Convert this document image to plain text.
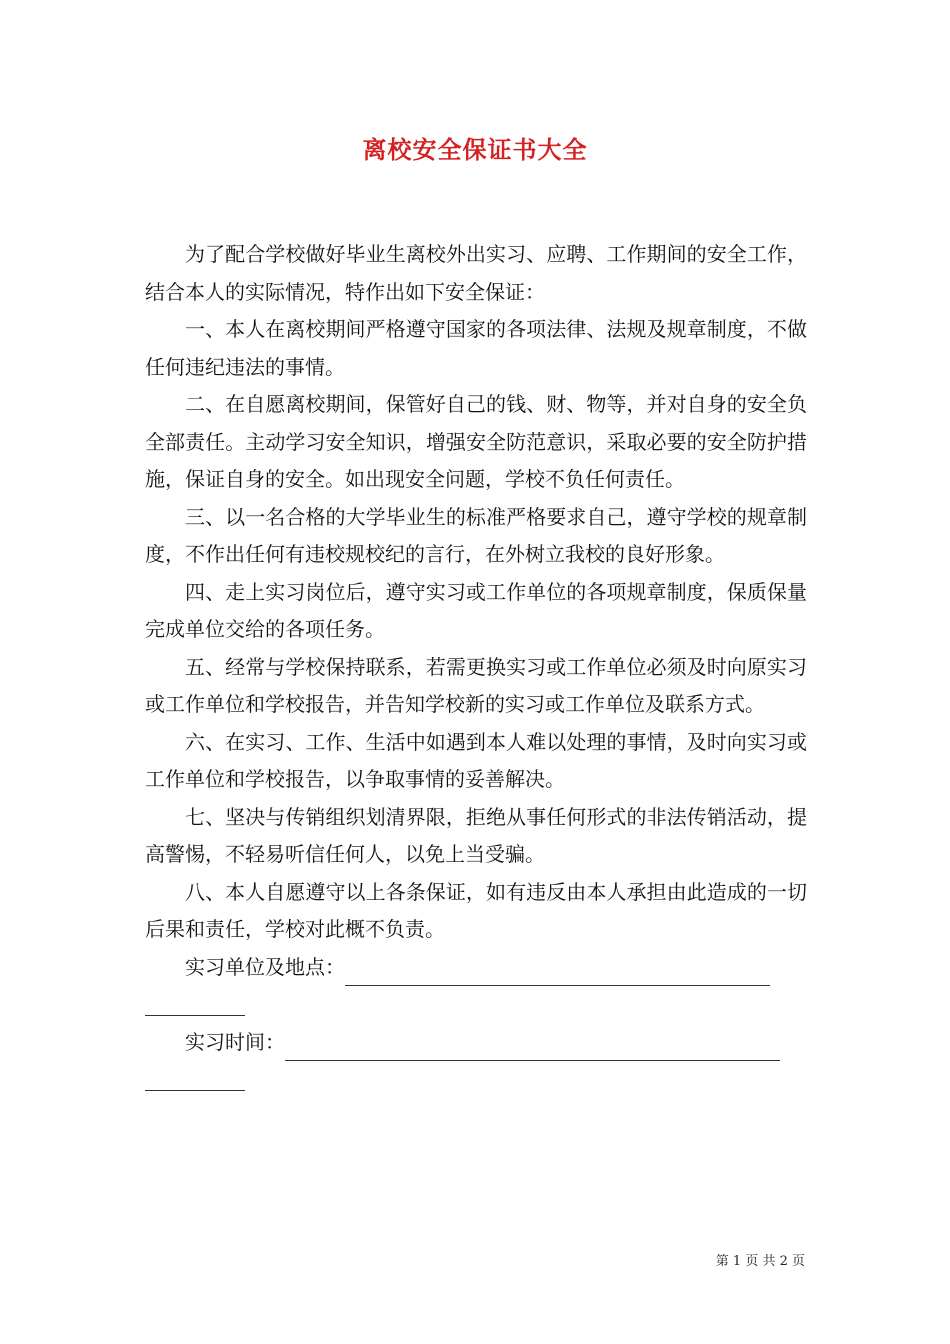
离校安全保证书大全

为了配合学校做好毕业生离校外出实习、应聘、工作期间的安全工作，结合本人的实际情况，特作出如下安全保证：

一、本人在离校期间严格遵守国家的各项法律、法规及规章制度，不做任何违纪违法的事情。

二、在自愿离校期间，保管好自己的钱、财、物等，并对自身的安全负全部责任。主动学习安全知识，增强安全防范意识，采取必要的安全防护措施，保证自身的安全。如出现安全问题，学校不负任何责任。

三、以一名合格的大学毕业生的标准严格要求自己，遵守学校的规章制度，不作出任何有违校规校纪的言行，在外树立我校的良好形象。

四、走上实习岗位后，遵守实习或工作单位的各项规章制度，保质保量完成单位交给的各项任务。

五、经常与学校保持联系，若需更换实习或工作单位必须及时向原实习或工作单位和学校报告，并告知学校新的实习或工作单位及联系方式。

六、在实习、工作、生活中如遇到本人难以处理的事情，及时向实习或工作单位和学校报告，以争取事情的妥善解决。

七、坚决与传销组织划清界限，拒绝从事任何形式的非法传销活动，提高警惕，不轻易听信任何人，以免上当受骗。

八、本人自愿遵守以上各条保证，如有违反由本人承担由此造成的一切后果和责任，学校对此概不负责。

实习单位及地点：

实习时间：

第 1 页 共 2 页
